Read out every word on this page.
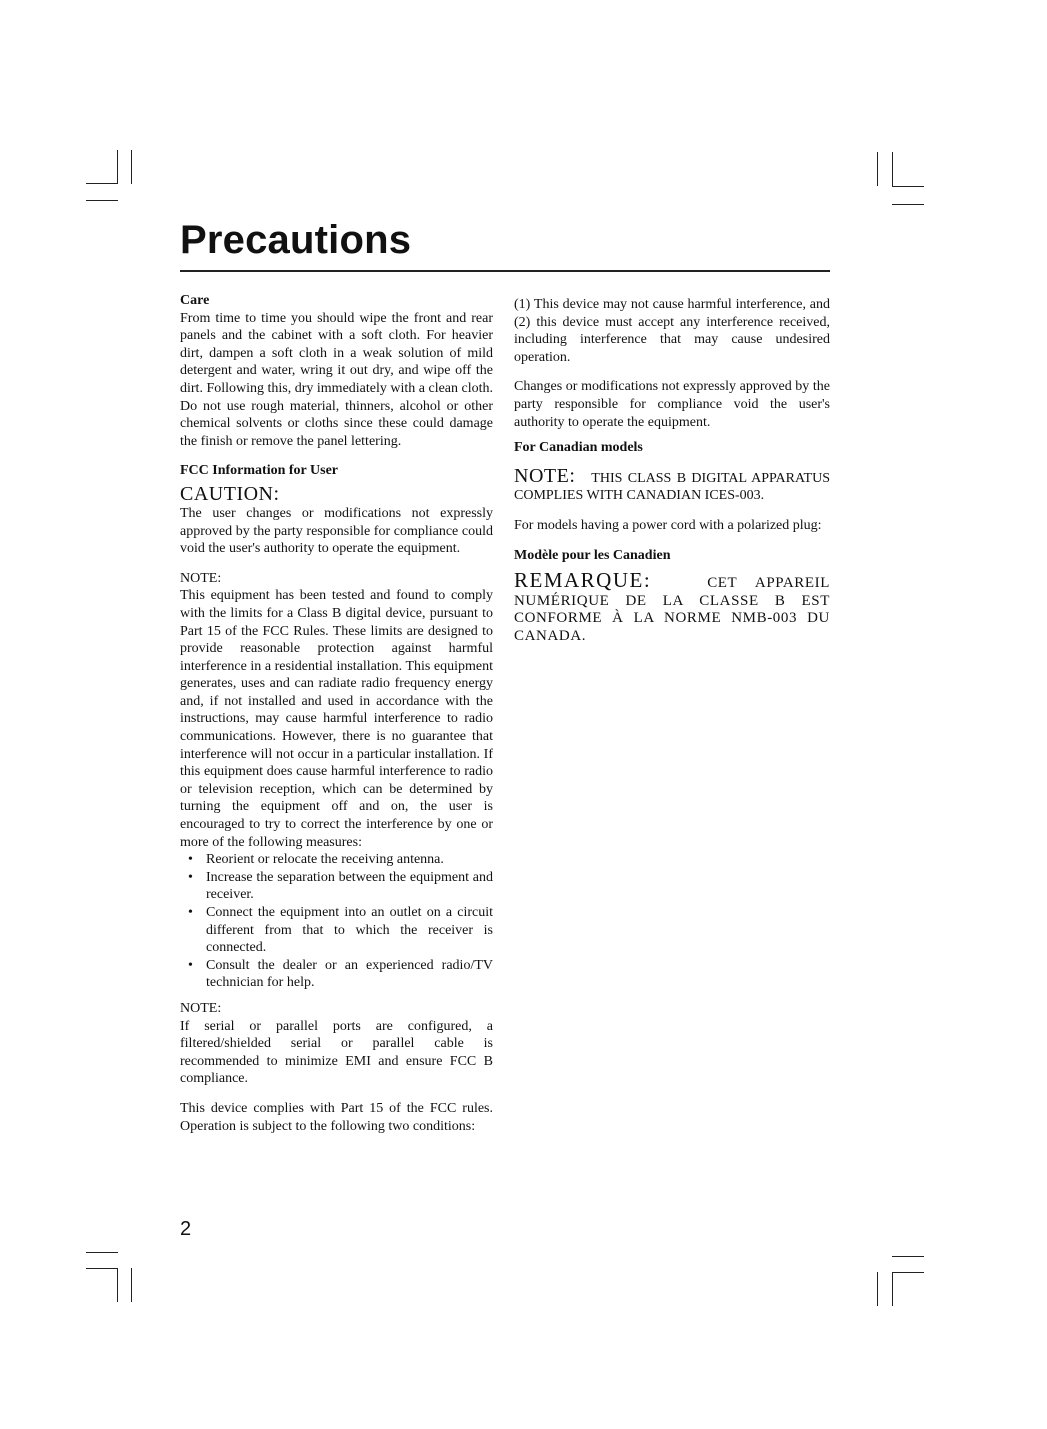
Precautions
Care

From time to time you should wipe the front and rear panels and the cabinet with a soft cloth. For heavier dirt, dampen a soft cloth in a weak solution of mild detergent and water, wring it out dry, and wipe off the dirt. Following this, dry immediately with a clean cloth. Do not use rough material, thinners, alcohol or other chemical solvents or cloths since these could damage the finish or remove the panel lettering.

FCC Information for User
CAUTION:

The user changes or modifications not expressly approved by the party responsible for compliance could void the user's authority to operate the equipment.

NOTE:

This equipment has been tested and found to comply with the limits for a Class B digital device, pursuant to Part 15 of the FCC Rules. These limits are designed to provide reasonable protection against harmful interference in a residential installation. This equipment generates, uses and can radiate radio frequency energy and, if not installed and used in accordance with the instructions, may cause harmful interference to radio communications. However, there is no guarantee that interference will not occur in a particular installation. If this equipment does cause harmful interference to radio or television reception, which can be determined by turning the equipment off and on, the user is encouraged to try to correct the interference by one or more of the following measures:

• Reorient or relocate the receiving antenna.
• Increase the separation between the equipment and receiver.
• Connect the equipment into an outlet on a circuit different from that to which the receiver is connected.
• Consult the dealer or an experienced radio/TV technician for help.
NOTE:

If serial or parallel ports are configured, a filtered/shielded serial or parallel cable is recommended to minimize EMI and ensure FCC B compliance.

This device complies with Part 15 of the FCC rules. Operation is subject to the following two conditions:

(1) This device may not cause harmful interference, and (2) this device must accept any interference received, including interference that may cause undesired operation.

Changes or modifications not expressly approved by the party responsible for compliance void the user's authority to operate the equipment.

For Canadian models

NOTE: THIS CLASS B DIGITAL APPARATUS COMPLIES WITH CANADIAN ICES-003.

For models having a power cord with a polarized plug:

Modèle pour les Canadien

REMARQUE:	CET APPAREIL NUMÉRIQUE DE LA CLASSE B EST CONFORME À LA NORME NMB-003 DU CANADA.

2
